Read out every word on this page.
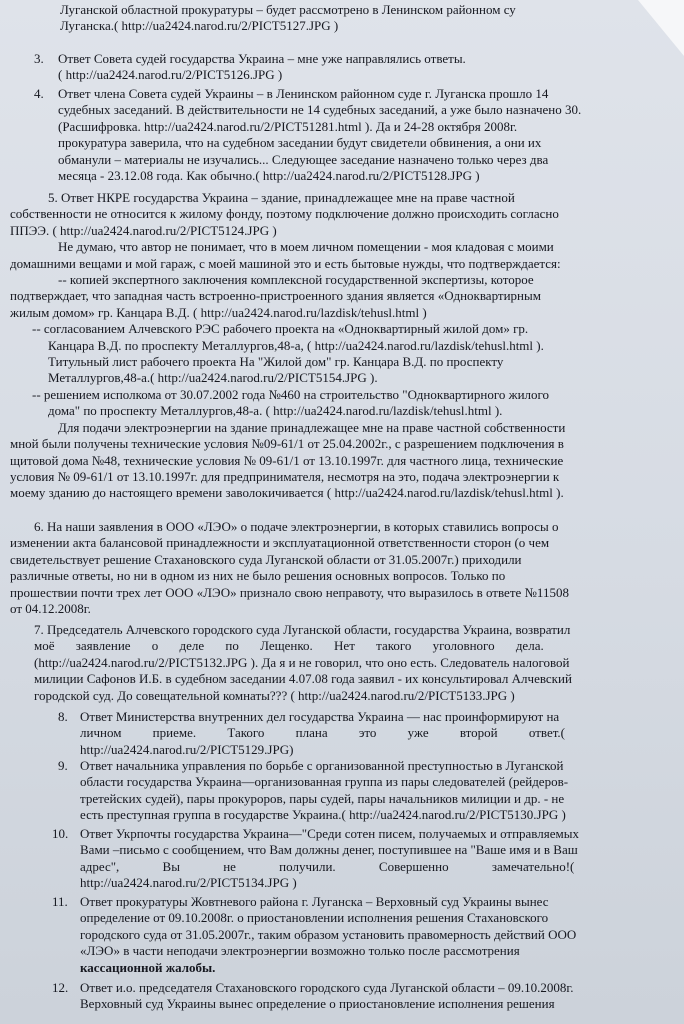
Луганской областной прокуратуры – будет рассмотрено в Ленинском районном су
Луганска.( http://ua2424.narod.ru/2/PICT5127.JPG )
3. Ответ Совета судей государства Украина – мне уже направлялись ответы.
( http://ua2424.narod.ru/2/PICT5126.JPG )
4. Ответ члена Совета судей Украины – в Ленинском районном суде г. Луганска прошло 14
судебных заседаний. В действительности не 14 судебных заседаний, а уже было назначено 30.
(Расшифровка. http://ua2424.narod.ru/2/PICT51281.html ). Да и 24-28 октября 2008г.
прокуратура заверила, что на судебном заседании будут свидетели обвинения, а они их
обманули – материалы не изучались... Следующее заседание назначено только через два
месяца - 23.12.08 года. Как обычно.( http://ua2424.narod.ru/2/PICT5128.JPG )
5. Ответ НКРЕ государства Украина – здание, принадлежащее мне на праве частной
собственности не относится к жилому фонду, поэтому подключение должно происходить согласно
ППЭЭ. ( http://ua2424.narod.ru/2/PICT5124.JPG )
Не думаю, что автор не понимает, что в моем личном помещении - моя кладовая с моими
домашними вещами и мой гараж, с моей машиной это и есть бытовые нужды, что подтверждается:
-- копией экспертного заключения комплексной государственной экспертизы, которое
подтверждает, что западная часть встроенно-пристроенного здания является «Одноквартирным
жилым домом» гр. Канцара В.Д. ( http://ua2424.narod.ru/lazdisk/tehusl.html )
-- согласованием Алчевского РЭС рабочего проекта на «Одноквартирный жилой дом» гр.
Канцара В.Д. по проспекту Металлургов,48-а, ( http://ua2424.narod.ru/lazdisk/tehusl.html ).
Титульный лист рабочего проекта На "Жилой дом" гр. Канцара В.Д. по проспекту
Металлургов,48-а.( http://ua2424.narod.ru/2/PICT5154.JPG ).
-- решением исполкома от 30.07.2002 года №460 на строительство "Одноквартирного жилого
дома" по проспекту Металлургов,48-а. ( http://ua2424.narod.ru/lazdisk/tehusl.html ).
Для подачи электроэнергии на здание принадлежащее мне на праве частной собственности
мной были получены технические условия №09-61/1 от 25.04.2002г., с разрешением подключения в
щитовой дома №48, технические условия № 09-61/1 от 13.10.1997г. для частного лица, технические
условия № 09-61/1 от 13.10.1997г. для предпринимателя, несмотря на это, подача электроэнергии к
моему зданию до настоящего времени заволокичивается ( http://ua2424.narod.ru/lazdisk/tehusl.html ).
6. На наши заявления в ООО «ЛЭО» о подаче электроэнергии, в которых ставились вопросы о
изменении акта балансовой принадлежности и эксплуатационной ответственности сторон (о чем
свидетельствует решение Стахановского суда Луганской области от 31.05.2007г.) приходили
различные ответы, но ни в одном из них не было решения основных вопросов. Только по
прошествии почти трех лет ООО «ЛЭО» признало свою неправоту, что выразилось в ответе №11508
от 04.12.2008г.
7. Председатель Алчевского городского суда Луганской области, государства Украина, возвратил
моё заявление о деле по Лещенко. Нет такого уголовного дела.
(http://ua2424.narod.ru/2/PICT5132.JPG ). Да я и не говорил, что оно есть. Следователь налоговой
милиции Сафонов И.Б. в судебном заседании 4.07.08 года заявил - их консультировал Алчевский
городской суд. До совещательной комнаты??? ( http://ua2424.narod.ru/2/PICT5133.JPG )
8. Ответ Министерства внутренних дел государства Украина — нас проинформируют на
личном приеме. Такого плана это уже второй ответ.(
http://ua2424.narod.ru/2/PICT5129.JPG)
9. Ответ начальника управления по борьбе с организованной преступностью в Луганской
области государства Украина—организованная группа из пары следователей (рейдеров-
третейских судей), пары прокуроров, пары судей, пары начальников милиции и др. - не
есть преступная группа в государстве Украина.( http://ua2424.narod.ru/2/PICT5130.JPG )
10. Ответ Укрпочты государства Украина—"Среди сотен писем, получаемых и отправляемых
Вами –письмо с сообщением, что Вам должны денег, поступившее на "Ваше имя и в Ваш
адрес", Вы не получили. Совершенно замечательно!(
http://ua2424.narod.ru/2/PICT5134.JPG )
11. Ответ прокуратуры Жовтневого района г. Луганска – Верховный суд Украины вынес
определение от 09.10.2008г. о приостановлении исполнения решения Стахановского
городского суда от 31.05.2007г., таким образом установить правомерность действий ООО
«ЛЭО» в части неподачи электроэнергии возможно только после рассмотрения
кассационной жалобы.
12. Ответ и.о. председателя Стахановского городского суда Луганской области – 09.10.2008г.
Верховный суд Украины вынес определение о приостановление исполнения решения
